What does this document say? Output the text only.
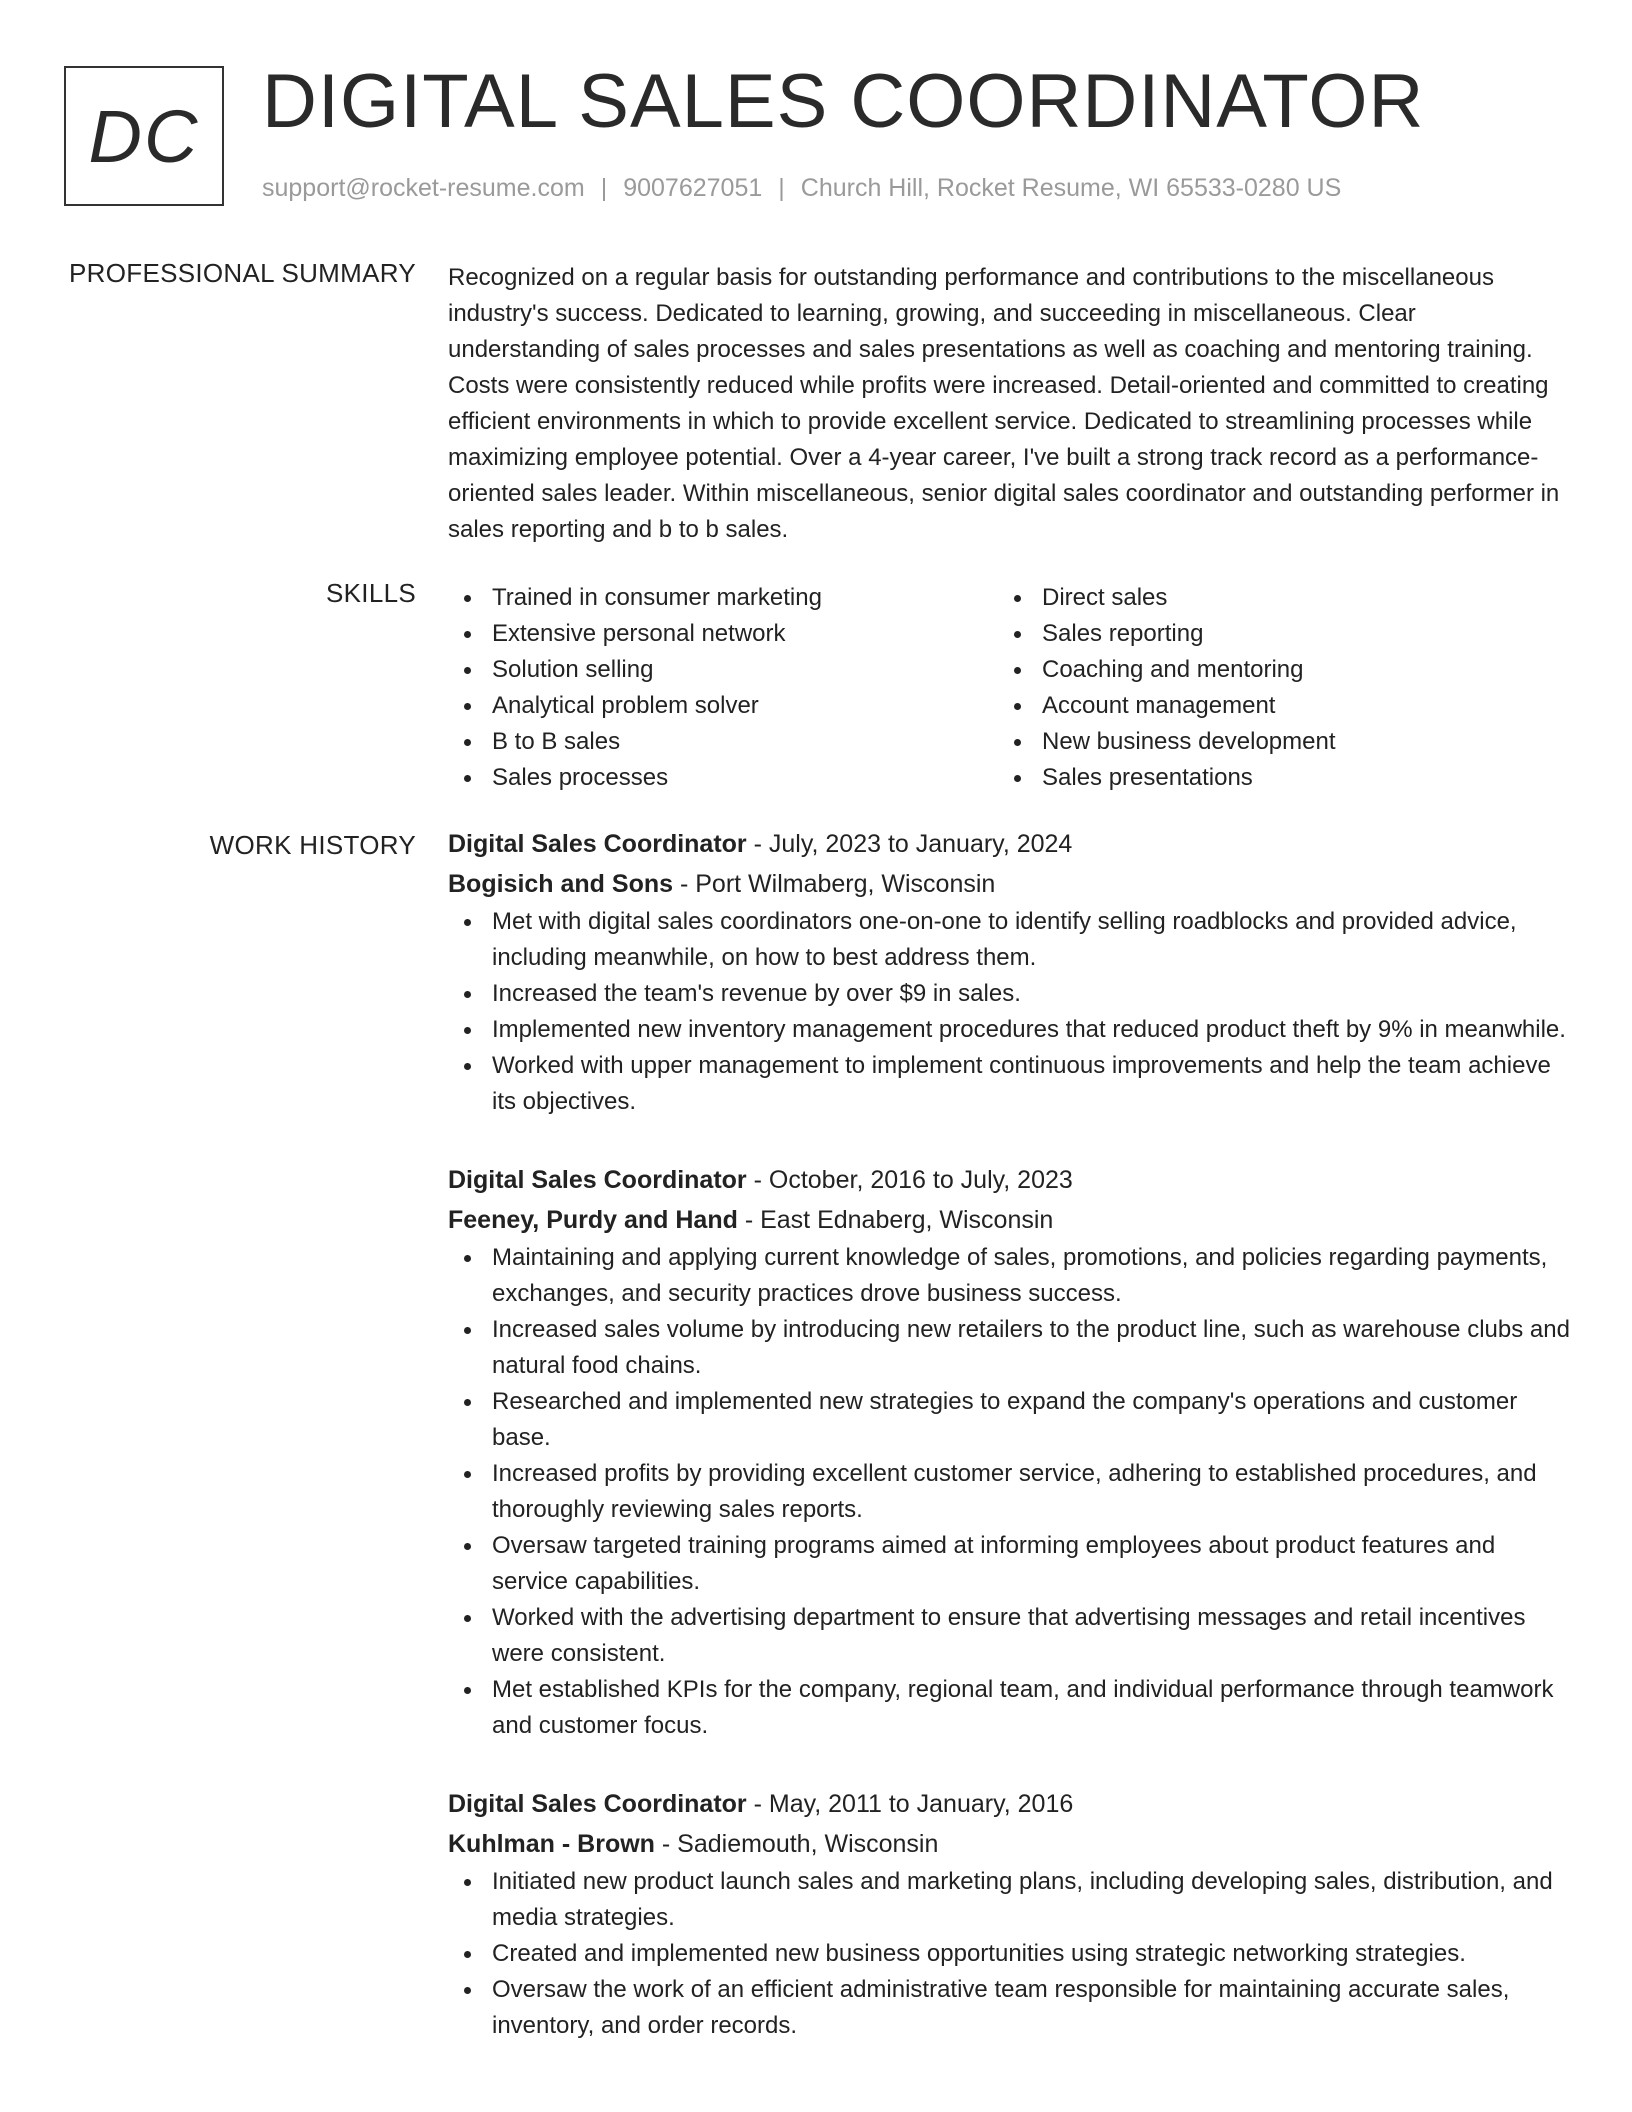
DC DIGITAL SALES COORDINATOR
support@rocket-resume.com | 9007627051 | Church Hill, Rocket Resume, WI 65533-0280 US
PROFESSIONAL SUMMARY Recognized on a regular basis for outstanding performance and contributions to the miscellaneous industry's success. Dedicated to learning, growing, and succeeding in miscellaneous. Clear understanding of sales processes and sales presentations as well as coaching and mentoring training. Costs were consistently reduced while profits were increased. Detail-oriented and committed to creating efficient environments in which to provide excellent service. Dedicated to streamlining processes while maximizing employee potential. Over a 4-year career, I've built a strong track record as a performance-oriented sales leader. Within miscellaneous, senior digital sales coordinator and outstanding performer in sales reporting and b to b sales.

SKILLS	Trained in consumer marketing
Extensive personal network
Solution selling
Analytical problem solver
B to B sales
Sales processes
Direct sales
Sales reporting
Coaching and mentoring
Account management
New business development
Sales presentations
WORK HISTORY Digital Sales Coordinator - July, 2023 to January, 2024
Bogisich and Sons - Port Wilmaberg, Wisconsin
Met with digital sales coordinators one-on-one to identify selling roadblocks and provided advice, including meanwhile, on how to best address them.
Increased the team's revenue by over $9 in sales.
Implemented new inventory management procedures that reduced product theft by 9% in meanwhile.
Worked with upper management to implement continuous improvements and help the team achieve its objectives.
Digital Sales Coordinator - October, 2016 to July, 2023
Feeney, Purdy and Hand - East Ednaberg, Wisconsin
Maintaining and applying current knowledge of sales, promotions, and policies regarding payments, exchanges, and security practices drove business success.
Increased sales volume by introducing new retailers to the product line, such as warehouse clubs and natural food chains.
Researched and implemented new strategies to expand the company's operations and customer base.
Increased profits by providing excellent customer service, adhering to established procedures, and thoroughly reviewing sales reports.
Oversaw targeted training programs aimed at informing employees about product features and service capabilities.
Worked with the advertising department to ensure that advertising messages and retail incentives were consistent.
Met established KPIs for the company, regional team, and individual performance through teamwork and customer focus.
Digital Sales Coordinator - May, 2011 to January, 2016
Kuhlman - Brown - Sadiemouth, Wisconsin
Initiated new product launch sales and marketing plans, including developing sales, distribution, and media strategies.
Created and implemented new business opportunities using strategic networking strategies.
Oversaw the work of an efficient administrative team responsible for maintaining accurate sales, inventory, and order records.
